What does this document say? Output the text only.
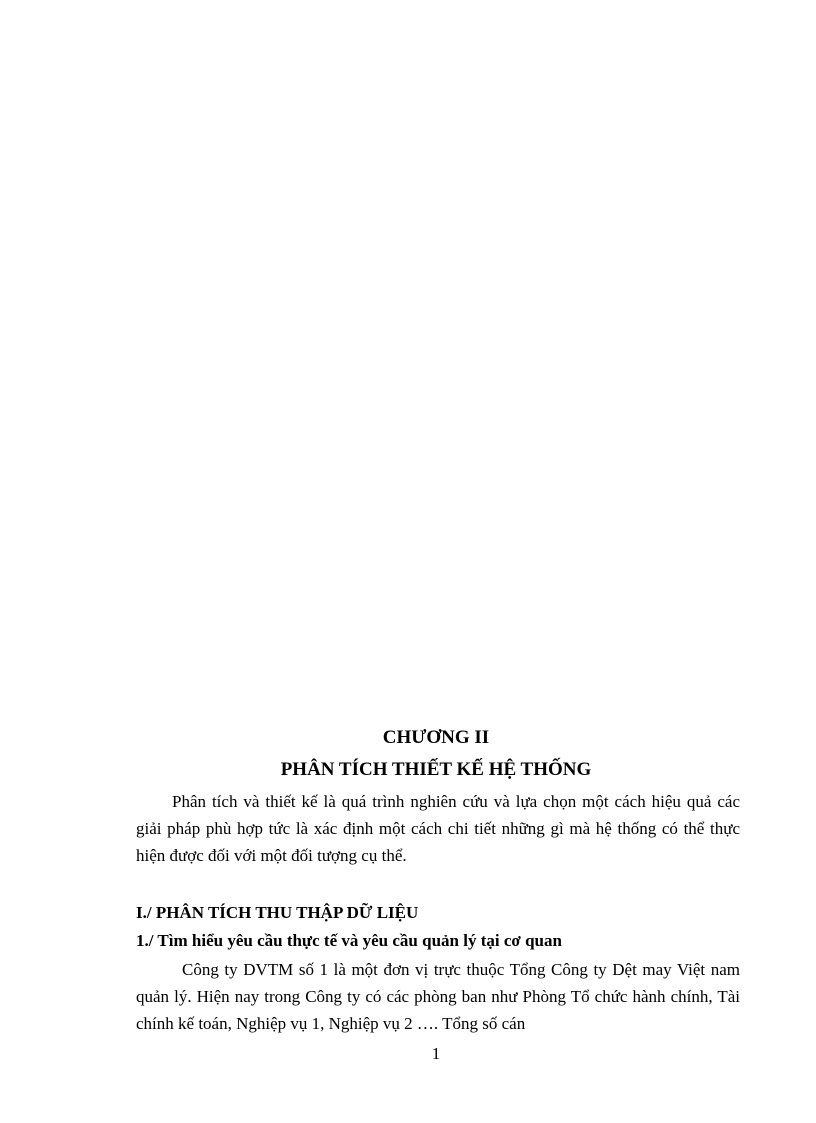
CHƯƠNG II
PHÂN TÍCH THIẾT KẾ HỆ THỐNG

Phân tích và thiết kế là quá trình nghiên cứu và lựa chọn một cách hiệu quả các giải pháp phù hợp tức là xác định một cách chi tiết những gì mà hệ thống có thể thực hiện được đối với một đối tượng cụ thể.

I./ PHÂN TÍCH THU THẬP DỮ LIỆU
1./ Tìm hiểu yêu cầu thực tế và yêu cầu quản lý tại cơ quan

Công ty DVTM số 1 là một đơn vị trực thuộc Tổng Công ty Dệt may Việt nam quản lý. Hiện nay trong Công ty có các phòng ban như Phòng Tổ chức hành chính, Tài chính kế toán, Nghiệp vụ 1, Nghiệp vụ 2 …. Tổng số cán

1
